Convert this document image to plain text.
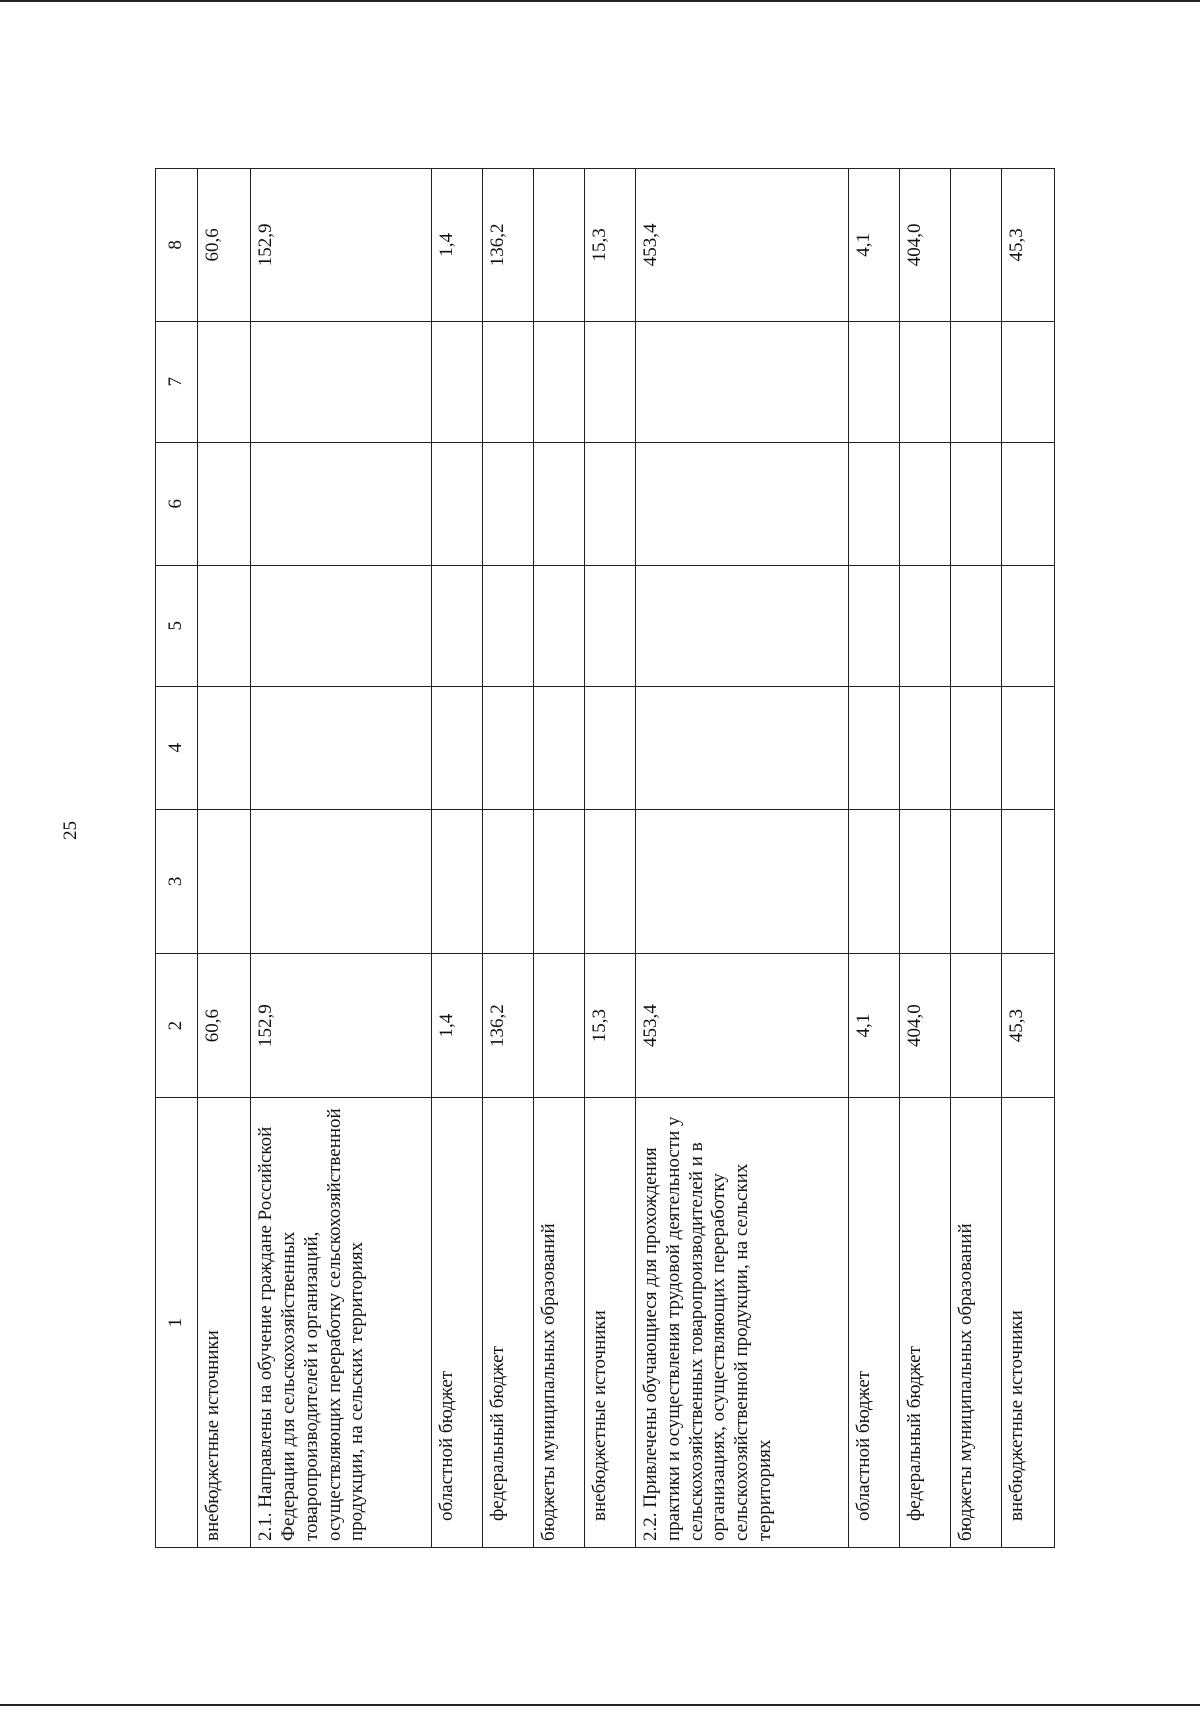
25
1	2	3	4	5	6	7	8
внебюджетные источники	60,6						60,6
2.1. Направлены на обучение граждане Российской Федерации для сельскохозяйственных товаропроизводителей и организаций, осуществляющих переработку сельскохозяйственной продукции, на сельских территориях	152,9						152,9
областной бюджет	1,4						1,4
федеральный бюджет	136,2						136,2
бюджеты муниципальных образований							
внебюджетные источники	15,3						15,3
2.2. Привлечены обучающиеся для прохождения практики и осуществления трудовой деятельности у сельскохозяйственных товаропроизводителей и в организациях, осуществляющих переработку сельскохозяйственной продукции, на сельских территориях	453,4						453,4
областной бюджет	4,1						4,1
федеральный бюджет	404,0						404,0
бюджеты муниципальных образований							
внебюджетные источники	45,3						45,3
